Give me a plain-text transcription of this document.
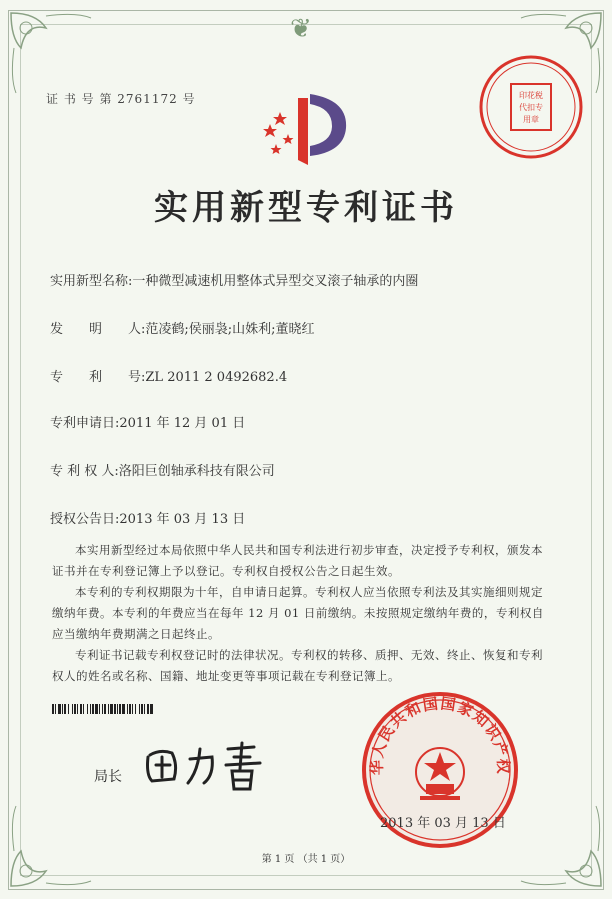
❦
证 书 号 第 2761172 号	印花税
代扣专
用章
实用新型专利证书
实用新型名称:一种微型减速机用整体式异型交叉滚子轴承的内圈
发　　明　　人:范凌鹤;侯丽袅;山姝利;董晓红
专　　利　　号:ZL 2011 2 0492682.4
专利申请日:2011 年 12 月 01 日
专 利 权 人:洛阳巨创轴承科技有限公司
授权公告日:2013 年 03 月 13 日

本实用新型经过本局依照中华人民共和国专利法进行初步审查，决定授予专利权，颁发本证书并在专利登记簿上予以登记。专利权自授权公告之日起生效。

本专利的专利权期限为十年，自申请日起算。专利权人应当依照专利法及其实施细则规定缴纳年费。本专利的年费应当在每年 12 月 01 日前缴纳。未按照规定缴纳年费的，专利权自应当缴纳年费期满之日起终止。

专利证书记载专利权登记时的法律状况。专利权的转移、质押、无效、终止、恢复和专利权人的姓名或名称、国籍、地址变更等事项记载在专利登记簿上。

局长
华人民共和国国家知识产权
2013 年 03 月 13 日
第 1 页 （共 1 页）
